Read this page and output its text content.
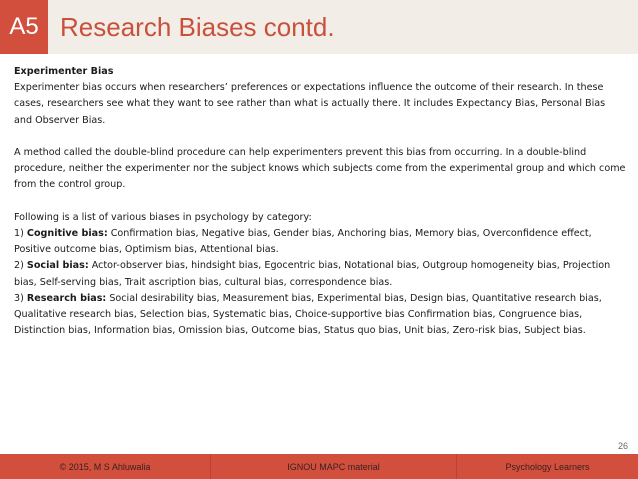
A5 Research Biases contd.

Experimenter Bias
Experimenter bias occurs when researchers’ preferences or expectations influence the outcome of their research. In these cases, researchers see what they want to see rather than what is actually there. It includes Expectancy Bias, Personal Bias and Observer Bias.

A method called the double-blind procedure can help experimenters prevent this bias from occurring. In a double-blind procedure, neither the experimenter nor the subject knows which subjects come from the experimental group and which come from the control group.

Following is a list of various biases in psychology by category:
1) Cognitive bias: Confirmation bias, Negative bias, Gender bias, Anchoring bias, Memory bias, Overconfidence effect, Positive outcome bias, Optimism bias, Attentional bias.
2) Social bias: Actor-observer bias, hindsight bias, Egocentric bias, Notational bias, Outgroup homogeneity bias, Projection bias, Self-serving bias, Trait ascription bias, cultural bias, correspondence bias.
3) Research bias: Social desirability bias, Measurement bias, Experimental bias, Design bias, Quantitative research bias, Qualitative research bias, Selection bias, Systematic bias, Choice-supportive bias Confirmation bias, Congruence bias, Distinction bias, Information bias, Omission bias, Outcome bias, Status quo bias, Unit bias, Zero-risk bias, Subject bias.

26
© 2015, M S Ahluwalia	IGNOU MAPC material	Psychology Learners
